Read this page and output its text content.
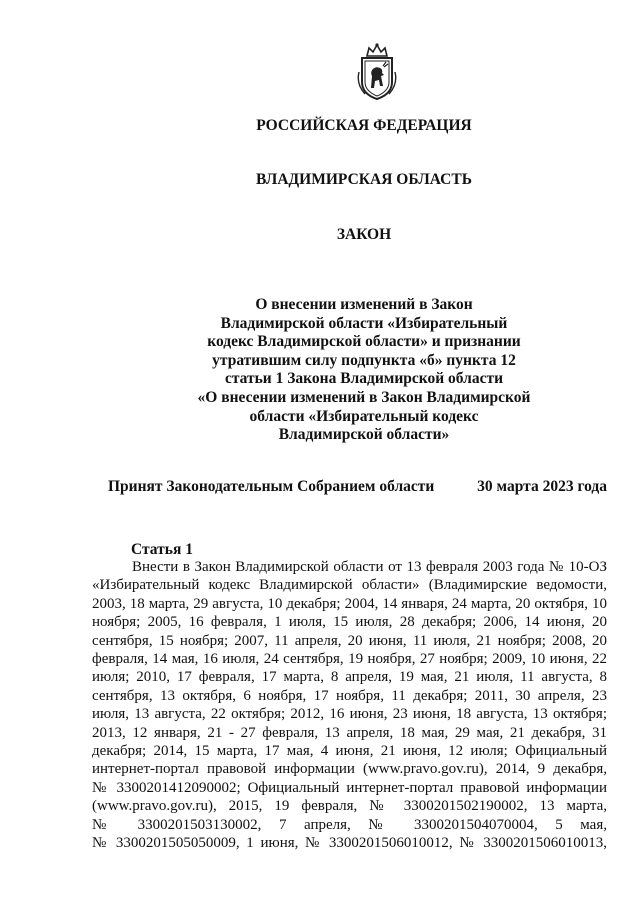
РОССИЙСКАЯ ФЕДЕРАЦИЯ

ВЛАДИМИРСКАЯ ОБЛАСТЬ

ЗАКОН

О внесении изменений в Закон
Владимирской области «Избирательный
кодекс Владимирской области» и признании
утратившим силу подпункта «б» пункта 12
статьи 1 Закона Владимирской области
«О внесении изменений в Закон Владимирской
области «Избирательный кодекс
Владимирской области»
Принят Законодательным Собранием области	30 марта 2023 года
Статья 1
Внести в Закон Владимирской области от 13 февраля 2003 года № 10-ОЗ
«Избирательный кодекс Владимирской области» (Владимирские ведомости,
2003, 18 марта, 29 августа, 10 декабря; 2004, 14 января, 24 марта, 20 октября, 10
ноября; 2005, 16 февраля, 1 июля, 15 июля, 28 декабря; 2006, 14 июня, 20
сентября, 15 ноября; 2007, 11 апреля, 20 июня, 11 июля, 21 ноября; 2008, 20
февраля, 14 мая, 16 июля, 24 сентября, 19 ноября, 27 ноября; 2009, 10 июня, 22
июля; 2010, 17 февраля, 17 марта, 8 апреля, 19 мая, 21 июля, 11 августа, 8
сентября, 13 октября, 6 ноября, 17 ноября, 11 декабря; 2011, 30 апреля, 23
июля, 13 августа, 22 октября; 2012, 16 июня, 23 июня, 18 августа, 13 октября;
2013, 12 января, 21 - 27 февраля, 13 апреля, 18 мая, 29 мая, 21 декабря, 31
декабря; 2014, 15 марта, 17 мая, 4 июня, 21 июня, 12 июля; Официальный
интернет-портал правовой информации (www.pravo.gov.ru), 2014, 9 декабря,
№ 3300201412090002; Официальный интернет-портал правовой информации
(www.pravo.gov.ru), 2015, 19 февраля, № 3300201502190002, 13 марта,
№ 3300201503130002, 7 апреля, № 3300201504070004, 5 мая,
№ 3300201505050009, 1 июня, № 3300201506010012, № 3300201506010013,
